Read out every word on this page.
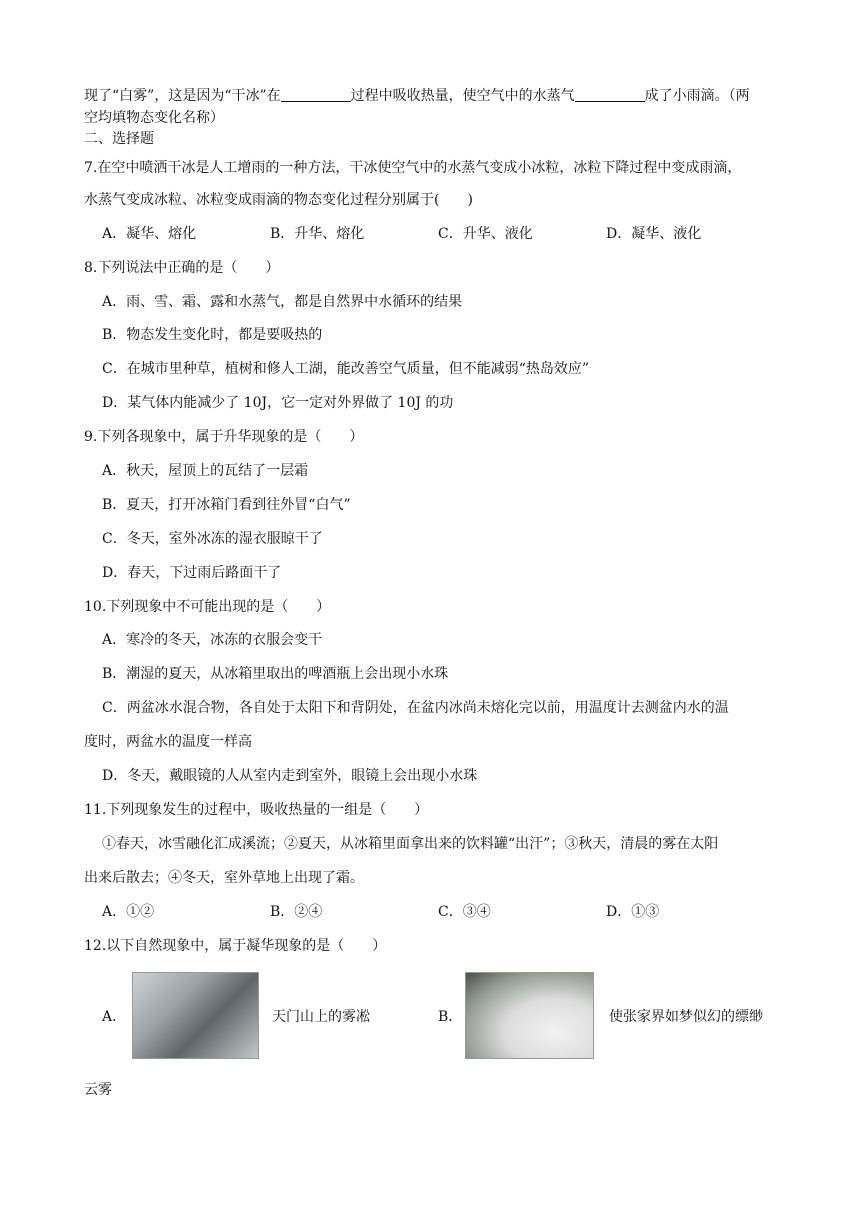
现了“白雾”，这是因为“干冰”在	过程中吸收热量，使空气中的水蒸气	成了小雨滴。（两
空均填物态变化名称）
二、选择题
7.在空中喷洒干冰是人工增雨的一种方法，干冰使空气中的水蒸气变成小冰粒，冰粒下降过程中变成雨滴，
水蒸气变成冰粒、冰粒变成雨滴的物态变化过程分别属于(　　)
A．凝华、熔化	B．升华、熔化	C．升华、液化	D．凝华、液化
8.下列说法中正确的是（　　）
A．雨、雪、霜、露和水蒸气，都是自然界中水循环的结果
B．物态发生变化时，都是要吸热的
C．在城市里种草，植树和修人工湖，能改善空气质量，但不能减弱“热岛效应”
D．某气体内能减少了 10J，它一定对外界做了 10J 的功
9.下列各现象中，属于升华现象的是（　　）
A．秋天，屋顶上的瓦结了一层霜
B．夏天，打开冰箱门看到往外冒“白气”
C．冬天，室外冰冻的湿衣服晾干了
D．春天，下过雨后路面干了
10.下列现象中不可能出现的是（　　）
A．寒冷的冬天，冰冻的衣服会变干
B．潮湿的夏天，从冰箱里取出的啤酒瓶上会出现小水珠
C．两盆冰水混合物，各自处于太阳下和背阴处，在盆内冰尚未熔化完以前，用温度计去测盆内水的温
度时，两盆水的温度一样高
D．冬天，戴眼镜的人从室内走到室外，眼镜上会出现小水珠
11.下列现象发生的过程中，吸收热量的一组是（　　）
①春天，冰雪融化汇成溪流；②夏天，从冰箱里面拿出来的饮料罐“出汗”；③秋天，清晨的雾在太阳
出来后散去；④冬天，室外草地上出现了霜。
A．①②	B．②④	C．③④	D．①③
12.以下自然现象中，属于凝华现象的是（　　）
A．	天门山上的雾凇	B．	使张家界如梦似幻的缥缈
云雾
